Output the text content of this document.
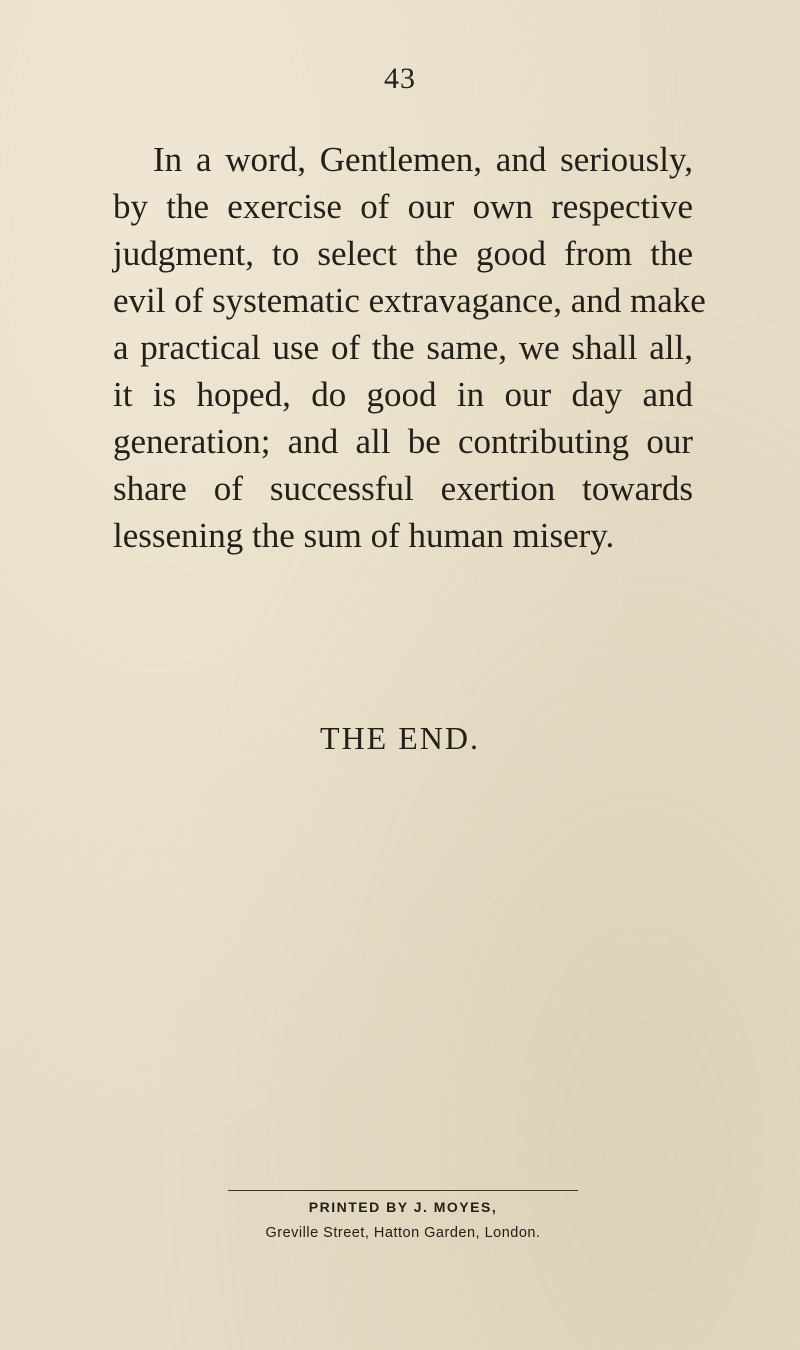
43
In a word, Gentlemen, and seriously,
by the exercise of our own respective
judgment, to select the good from the
evil of systematic extravagance, and make
a practical use of the same, we shall all,
it is hoped, do good in our day and
generation; and all be contributing our
share of successful exertion towards
lessening the sum of human misery.
THE END.
PRINTED BY J. MOYES,
Greville Street, Hatton Garden, London.
